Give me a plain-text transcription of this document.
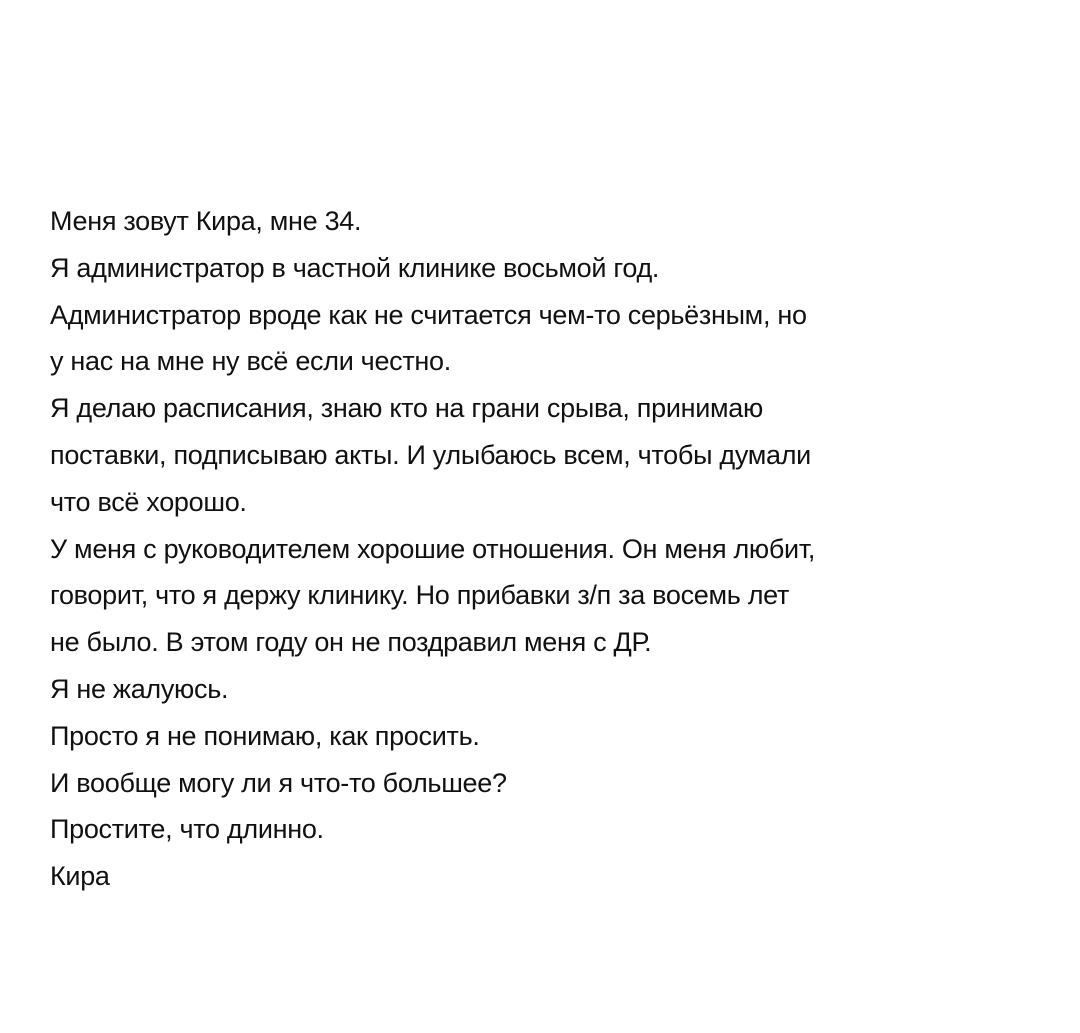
Меня зовут Кира, мне 34.
Я администратор в частной клинике восьмой год.
Администратор вроде как не считается чем-то серьёзным, но
у нас на мне ну всё если честно.
Я делаю расписания, знаю кто на грани срыва, принимаю
поставки, подписываю акты. И улыбаюсь всем, чтобы думали
что всё хорошо.
У меня с руководителем хорошие отношения. Он меня любит,
говорит, что я держу клинику. Но прибавки з/п за восемь лет
не было. В этом году он не поздравил меня с ДР.
Я не жалуюсь.
Просто я не понимаю, как просить.
И вообще могу ли я что-то большее?
Простите, что длинно.
Кира
